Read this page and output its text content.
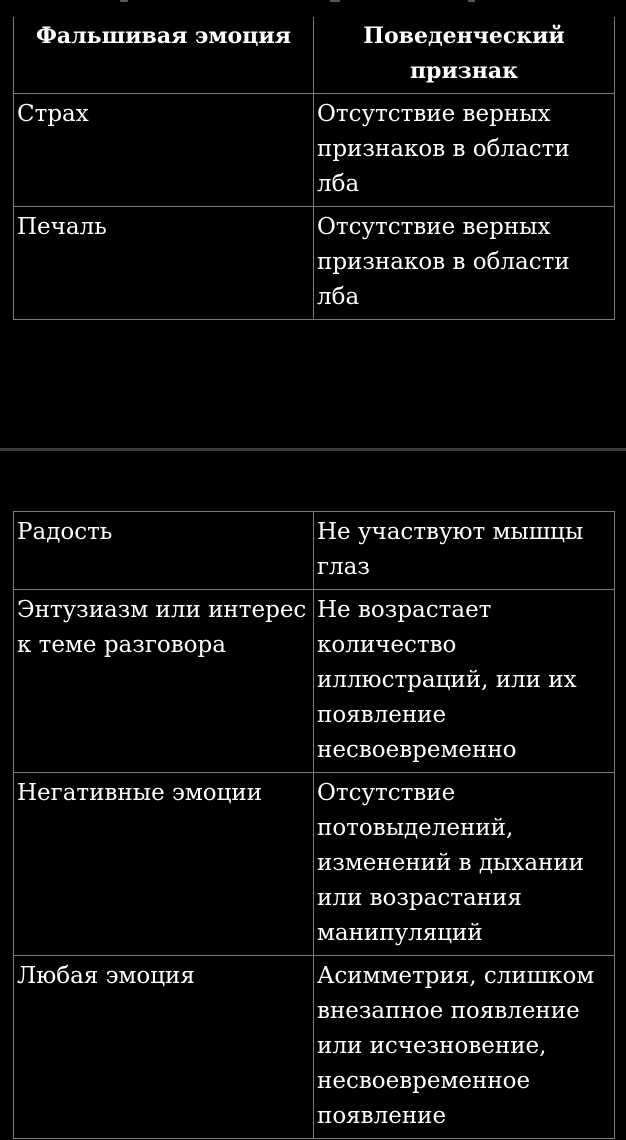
Фальшивая эмоция	Поведенческий признак
Страх	Отсутствие верных признаков в области лба
Печаль	Отсутствие верных признаков в области лба
Радость	Не участвуют мышцы глаз
Энтузиазм или интерес к теме разговора	Не возрастает количество иллюстраций, или их появление несвоевременно
Негативные эмоции	Отсутствие потовыделений, изменений в дыхании или возрастания манипуляций
Любая эмоция	Асимметрия, слишком внезапное появление или исчезновение, несвоевременное появление
